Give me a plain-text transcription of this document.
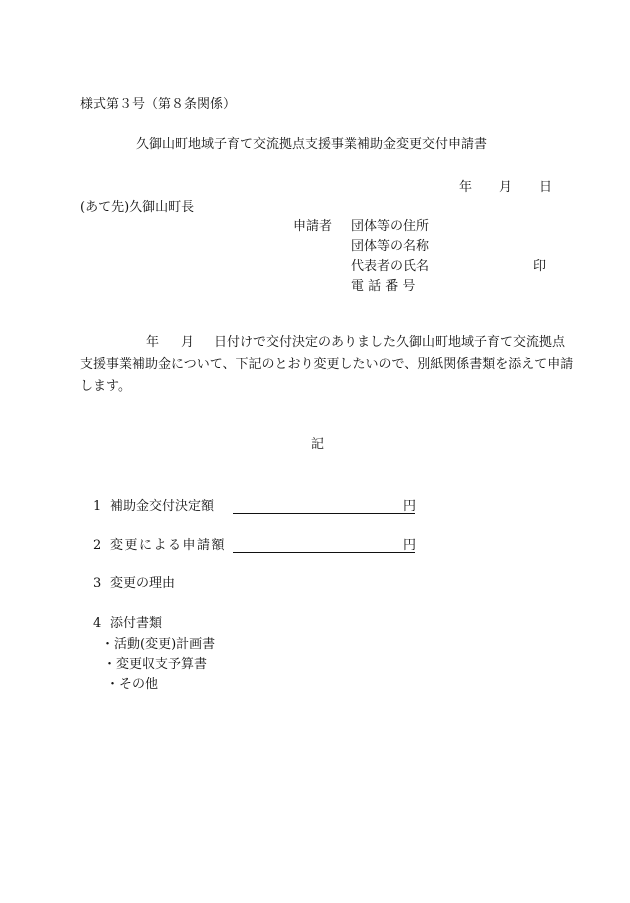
様式第３号（第８条関係）
久御山町地域子育て交流拠点支援事業補助金変更交付申請書
年 月 日
(あて先)久御山町長
申請者 団体等の住所
団体等の名称
代表者の氏名	印
電 話 番 号

年 月 日付けで交付決定のありました久御山町地域子育て交流拠点

支援事業補助金について、下記のとおり変更したいので、別紙関係書類を添えて申請

します。

記
1 補助金交付決定額	円
2 変更による申請額	円
3 変更の理由
4 添付書類
・活動(変更)計画書
・変更収支予算書
・その他
